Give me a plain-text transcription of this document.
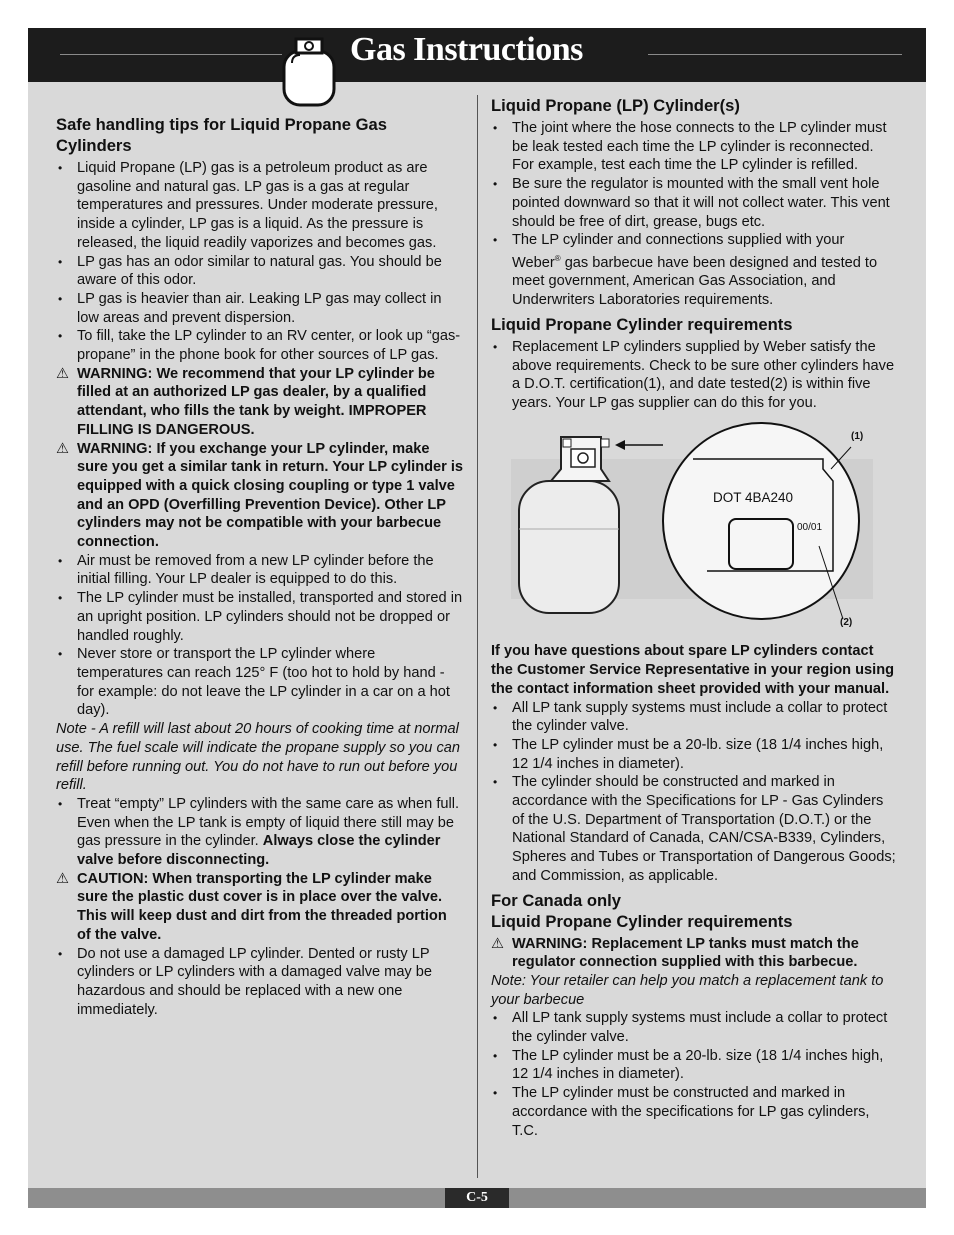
Gas Instructions
Safe handling tips for Liquid Propane Gas Cylinders
• Liquid Propane (LP) gas is a petroleum product as are gasoline and natural gas. LP gas is a gas at regular temperatures and pressures. Under moderate pressure, inside a cylinder, LP gas is a liquid. As the pressure is released, the liquid readily vaporizes and becomes gas.
• LP gas has an odor similar to natural gas. You should be aware of this odor.
• LP gas is heavier than air. Leaking LP gas may collect in low areas and prevent dispersion.
• To fill, take the LP cylinder to an RV center, or look up “gas-propane” in the phone book for other sources of LP gas.
⚠ WARNING: We recommend that your LP cylinder be filled at an authorized LP gas dealer, by a qualified attendant, who fills the tank by weight. IMPROPER FILLING IS DANGEROUS.
⚠ WARNING: If you exchange your LP cylinder, make sure you get a similar tank in return. Your LP cylinder is equipped with a quick closing coupling or type 1 valve and an OPD (Overfilling Prevention Device). Other LP cylinders may not be compatible with your barbecue connection.
• Air must be removed from a new LP cylinder before the initial filling. Your LP dealer is equipped to do this.
• The LP cylinder must be installed, transported and stored in an upright position. LP cylinders should not be dropped or handled roughly.
• Never store or transport the LP cylinder where temperatures can reach 125° F (too hot to hold by hand - for example: do not leave the LP cylinder in a car on a hot day).
Note - A refill will last about 20 hours of cooking time at normal use. The fuel scale will indicate the propane supply so you can refill before running out. You do not have to run out before you refill.
• Treat “empty” LP cylinders with the same care as when full. Even when the LP tank is empty of liquid there still may be gas pressure in the cylinder. Always close the cylinder valve before disconnecting.
⚠ CAUTION: When transporting the LP cylinder make sure the plastic dust cover is in place over the valve. This will keep dust and dirt from the threaded portion of the valve.
• Do not use a damaged LP cylinder. Dented or rusty LP cylinders or LP cylinders with a damaged valve may be hazardous and should be replaced with a new one immediately.
Liquid Propane (LP) Cylinder(s)
• The joint where the hose connects to the LP cylinder must be leak tested each time the LP cylinder is reconnected. For example, test each time the LP cylinder is refilled.
• Be sure the regulator is mounted with the small vent hole pointed downward so that it will not collect water. This vent should be free of dirt, grease, bugs etc.
• The LP cylinder and connections supplied with your Weber® gas barbecue have been designed and tested to meet government, American Gas Association, and Underwriters Laboratories requirements.
Liquid Propane Cylinder requirements
• Replacement LP cylinders supplied by Weber satisfy the above requirements. Check to be sure other cylinders have a D.O.T. certification(1), and date tested(2) is within five years. Your LP gas supplier can do this for you.
DOT 4BA240
00/01
(1)
(2)
If you have questions about spare LP cylinders contact the Customer Service Representative in your region using the contact information sheet provided with your manual.
• All LP tank supply systems must include a collar to protect the cylinder valve.
• The LP cylinder must be a 20-lb. size (18 1/4 inches high, 12 1/4 inches in diameter).
• The cylinder should be constructed and marked in accordance with the Specifications for LP - Gas Cylinders of the U.S. Department of Transportation (D.O.T.) or the National Standard of Canada, CAN/CSA-B339, Cylinders, Spheres and Tubes or Transportation of Dangerous Goods; and Commission, as applicable.
For Canada only
Liquid Propane Cylinder requirements
⚠ WARNING: Replacement LP tanks must match the regulator connection supplied with this barbecue.
Note: Your retailer can help you match a replacement tank to your barbecue
• All LP tank supply systems must include a collar to protect the cylinder valve.
• The LP cylinder must be a 20-lb. size (18 1/4 inches high, 12 1/4 inches in diameter).
• The LP cylinder must be constructed and marked in accordance with the specifications for LP gas cylinders, T.C.
C-5
